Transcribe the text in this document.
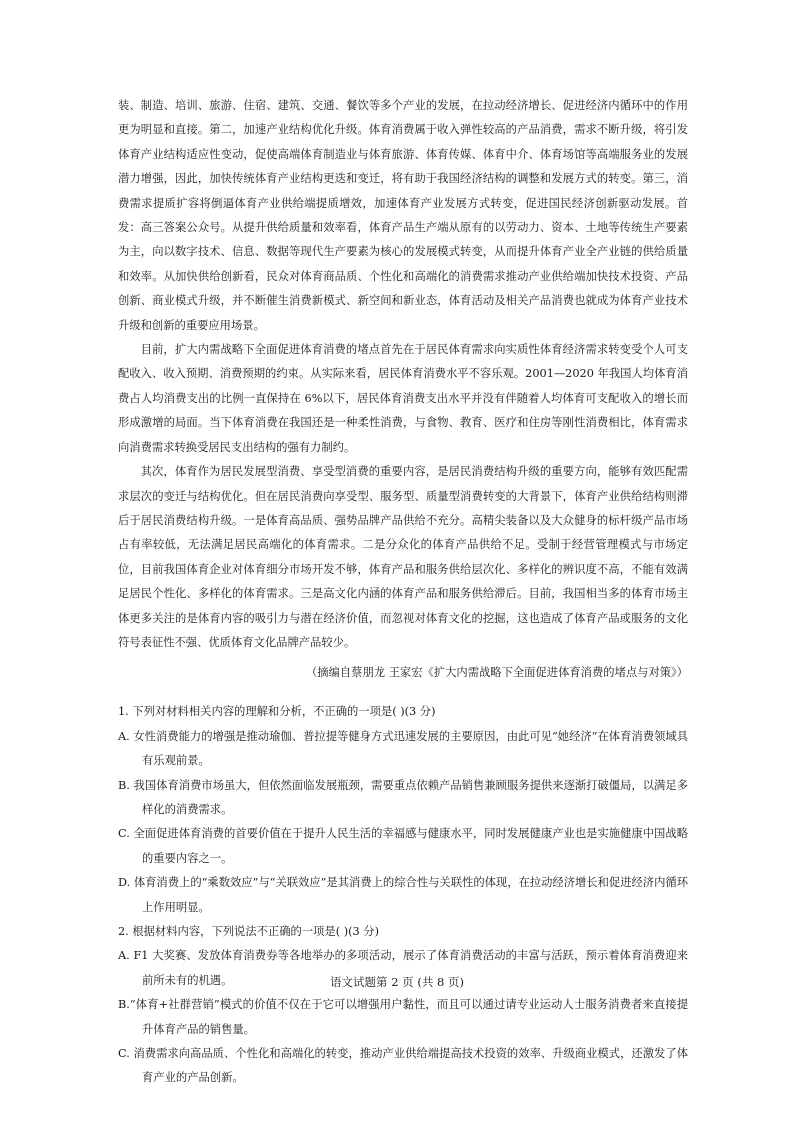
装、制造、培训、旅游、住宿、建筑、交通、餐饮等多个产业的发展，在拉动经济增长、促进经济内循环中的作用更为明显和直接。第二，加速产业结构优化升级。体育消费属于收入弹性较高的产品消费，需求不断升级，将引发体育产业结构适应性变动，促使高端体育制造业与体育旅游、体育传媒、体育中介、体育场馆等高端服务业的发展潜力增强，因此，加快传统体育产业结构更迭和变迁，将有助于我国经济结构的调整和发展方式的转变。第三，消费需求提质扩容将倒逼体育产业供给端提质增效，加速体育产业发展方式转变，促进国民经济创新驱动发展。首发：高三答案公众号。从提升供给质量和效率看，体育产品生产端从原有的以劳动力、资本、土地等传统生产要素为主，向以数字技术、信息、数据等现代生产要素为核心的发展模式转变，从而提升体育产业全产业链的供给质量和效率。从加快供给创新看，民众对体育商品质、个性化和高端化的消费需求推动产业供给端加快技术投资、产品创新、商业模式升级，并不断催生消费新模式、新空间和新业态，体育活动及相关产品消费也就成为体育产业技术升级和创新的重要应用场景。

目前，扩大内需战略下全面促进体育消费的堵点首先在于居民体育需求向实质性体育经济需求转变受个人可支配收入、收入预期、消费预期的约束。从实际来看，居民体育消费水平不容乐观。2001—2020 年我国人均体育消费占人均消费支出的比例一直保持在 6%以下，居民体育消费支出水平并没有伴随着人均体育可支配收入的增长而形成激增的局面。当下体育消费在我国还是一种柔性消费，与食物、教育、医疗和住房等刚性消费相比，体育需求向消费需求转换受居民支出结构的强有力制约。

其次，体育作为居民发展型消费、享受型消费的重要内容，是居民消费结构升级的重要方向，能够有效匹配需求层次的变迁与结构优化。但在居民消费向享受型、服务型、质量型消费转变的大背景下，体育产业供给结构则滞后于居民消费结构升级。一是体育高品质、强势品牌产品供给不充分。高精尖装备以及大众健身的标杆级产品市场占有率较低，无法满足居民高端化的体育需求。二是分众化的体育产品供给不足。受制于经营管理模式与市场定位，目前我国体育企业对体育细分市场开发不够，体育产品和服务供给层次化、多样化的辨识度不高，不能有效满足居民个性化、多样化的体育需求。三是高文化内涵的体育产品和服务供给滞后。目前，我国相当多的体育市场主体更多关注的是体育内容的吸引力与潜在经济价值，而忽视对体育文化的挖掘，这也造成了体育产品或服务的文化符号表征性不强、优质体育文化品牌产品较少。

（摘编自蔡朋龙 王家宏《扩大内需战略下全面促进体育消费的堵点与对策》）

1. 下列对材料相关内容的理解和分析，不正确的一项是( )(3 分)

A. 女性消费能力的增强是推动瑜伽、普拉提等健身方式迅速发展的主要原因，由此可见“她经济”在体育消费领域具有乐观前景。

B. 我国体育消费市场虽大，但依然面临发展瓶颈，需要重点依赖产品销售兼顾服务提供来逐渐打破僵局，以满足多样化的消费需求。

C. 全面促进体育消费的首要价值在于提升人民生活的幸福感与健康水平，同时发展健康产业也是实施健康中国战略的重要内容之一。

D. 体育消费上的“乘数效应”与“关联效应”是其消费上的综合性与关联性的体现，在拉动经济增长和促进经济内循环上作用明显。

2. 根据材料内容，下列说法不正确的一项是( )(3 分)

A. F1 大奖赛、发放体育消费券等各地举办的多项活动，展示了体育消费活动的丰富与活跃，预示着体育消费迎来前所未有的机遇。

B.“体育+社群营销”模式的价值不仅在于它可以增强用户黏性，而且可以通过请专业运动人士服务消费者来直接提升体育产品的销售量。

C. 消费需求向高品质、个性化和高端化的转变，推动产业供给端提高技术投资的效率、升级商业模式，还激发了体育产业的产品创新。

语文试题第 2 页 (共 8 页)
